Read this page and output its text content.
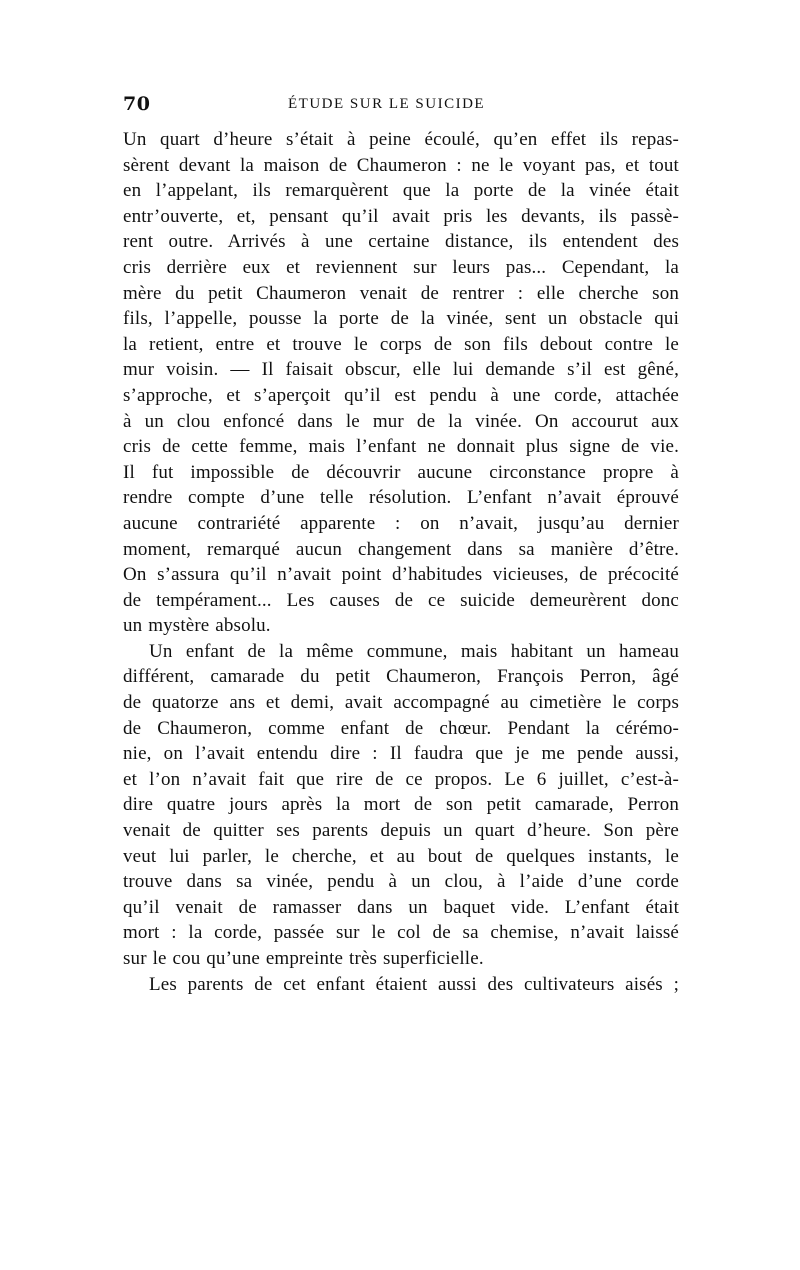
70	ÉTUDE SUR LE SUICIDE
Un quart d’heure s’était à peine écoulé, qu’en effet ils repas-
sèrent devant la maison de Chaumeron : ne le voyant pas, et tout
en l’appelant, ils remarquèrent que la porte de la vinée était
entr’ouverte, et, pensant qu’il avait pris les devants, ils passè-
rent outre. Arrivés à une certaine distance, ils entendent des
cris derrière eux et reviennent sur leurs pas... Cependant, la
mère du petit Chaumeron venait de rentrer : elle cherche son
fils, l’appelle, pousse la porte de la vinée, sent un obstacle qui
la retient, entre et trouve le corps de son fils debout contre le
mur voisin. — Il faisait obscur, elle lui demande s’il est gêné,
s’approche, et s’aperçoit qu’il est pendu à une corde, attachée
à un clou enfoncé dans le mur de la vinée. On accourut aux
cris de cette femme, mais l’enfant ne donnait plus signe de vie.
Il fut impossible de découvrir aucune circonstance propre à
rendre compte d’une telle résolution. L’enfant n’avait éprouvé
aucune contrariété apparente : on n’avait, jusqu’au dernier
moment, remarqué aucun changement dans sa manière d’être.
On s’assura qu’il n’avait point d’habitudes vicieuses, de précocité
de tempérament... Les causes de ce suicide demeurèrent donc
un mystère absolu.
Un enfant de la même commune, mais habitant un hameau
différent, camarade du petit Chaumeron, François Perron, âgé
de quatorze ans et demi, avait accompagné au cimetière le corps
de Chaumeron, comme enfant de chœur. Pendant la cérémo-
nie, on l’avait entendu dire : Il faudra que je me pende aussi,
et l’on n’avait fait que rire de ce propos. Le 6 juillet, c’est-à-
dire quatre jours après la mort de son petit camarade, Perron
venait de quitter ses parents depuis un quart d’heure. Son père
veut lui parler, le cherche, et au bout de quelques instants, le
trouve dans sa vinée, pendu à un clou, à l’aide d’une corde
qu’il venait de ramasser dans un baquet vide. L’enfant était
mort : la corde, passée sur le col de sa chemise, n’avait laissé
sur le cou qu’une empreinte très superficielle.
Les parents de cet enfant étaient aussi des cultivateurs aisés ;
